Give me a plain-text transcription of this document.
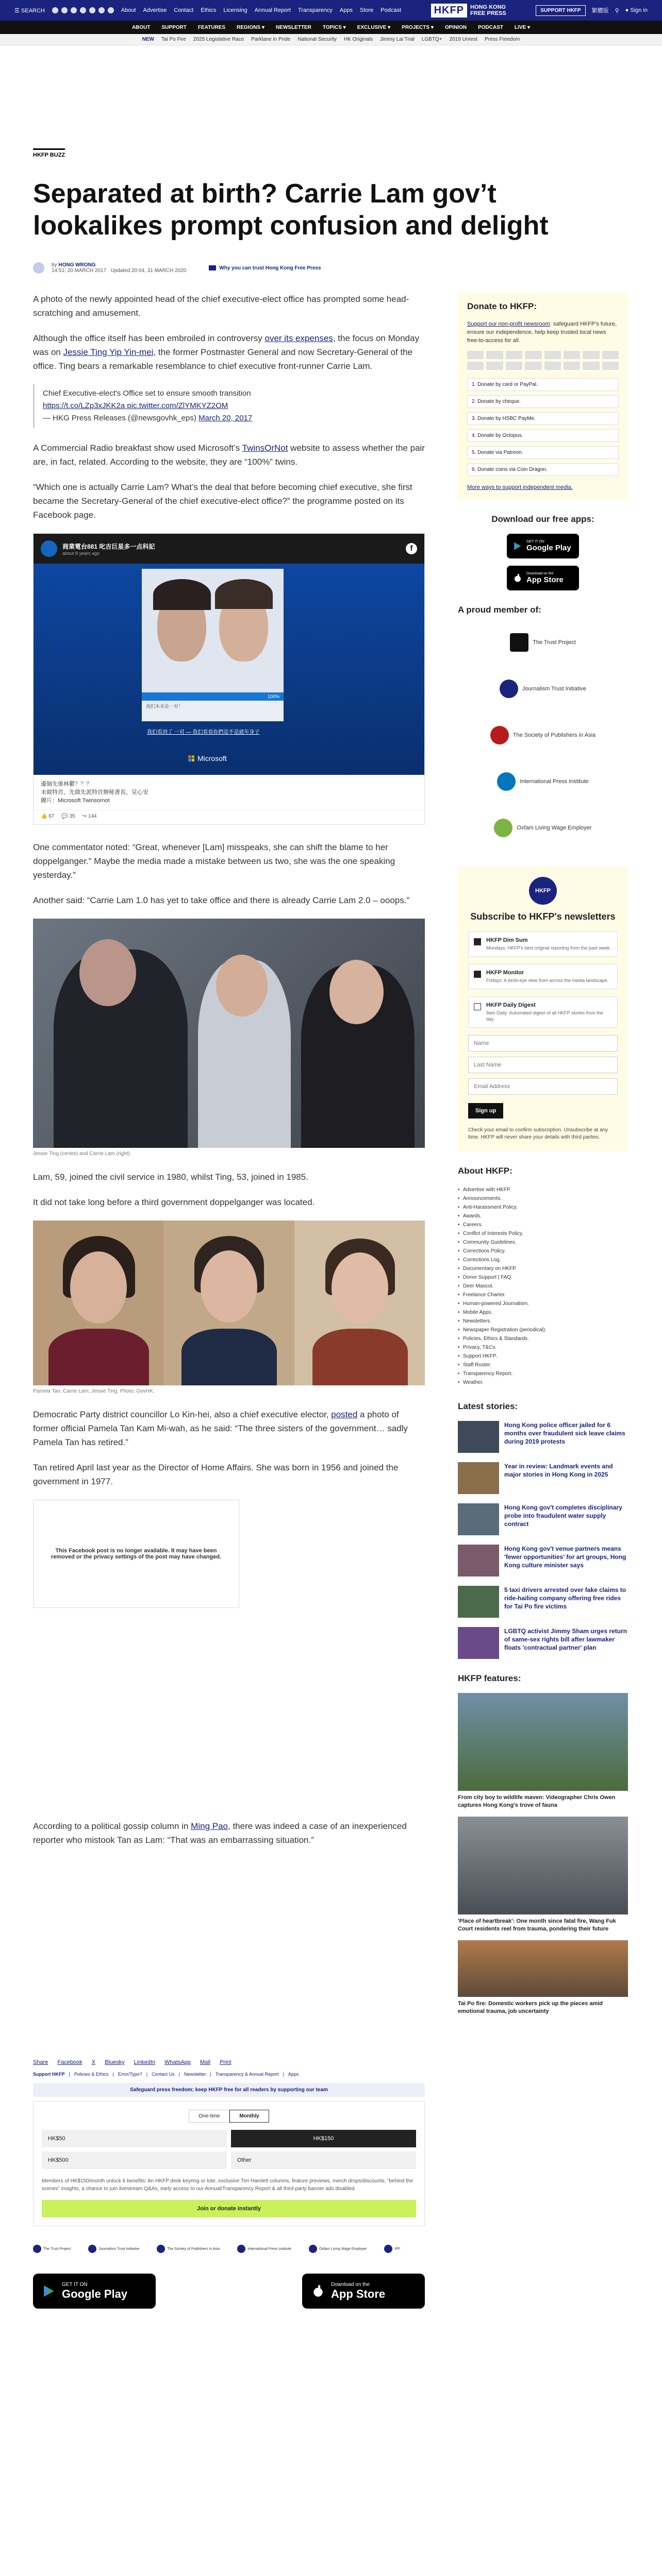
☰ SEARCH	About Advertise Contact Ethics Licensing Annual Report Transparency Apps Store Podcast	HKFP	HONG KONG
FREE PRESS	SUPPORT HKFP	繁體版 ⚲ ● Sign in
ABOUT SUPPORT FEATURES REGIONS ▾ NEWSLETTER TOPICS ▾ EXCLUSIVE ▾ PROJECTS ▾ OPINION PODCAST LIVE ▾
NEW Tai Po Fire 2025 Legislative Race Parklane in Pride National Security HK Originals Jimmy Lai Trial LGBTQ+ 2019 Unrest Press Freedom
HKFP BUZZ
Separated at birth? Carrie Lam gov’t lookalikes prompt confusion and delight
by HONG WRONG
14:51, 20 MARCH 2017 Updated 20:04, 31 MARCH 2020	Why you can trust Hong Kong Free Press

A photo of the newly appointed head of the chief executive-elect office has prompted some head-scratching and amusement.

Although the office itself has been embroiled in controversy over its expenses, the focus on Monday was on Jessie Ting Yip Yin-mei, the former Postmaster General and now Secretary-General of the office. Ting bears a remarkable resemblance to chief executive front-runner Carrie Lam.

Chief Executive-elect's Office set to ensure smooth transition
https://t.co/LZp3xJKK2a pic.twitter.com/ZlYMKYZ2OM
— HKG Press Releases (@newsgovhk_eps) March 20, 2017

A Commercial Radio breakfast show used Microsoft’s TwinsOrNot website to assess whether the pair are, in fact, related. According to the website, they are “100%” twins.

“Which one is actually Carrie Lam? What’s the deal that before becoming chief executive, she first became the Secretary-General of the chief executive-elect office?” the programme posted on its Facebook page.

商業電台881 叱吉巨星多一点科記
about 8 years ago
f
100%
我们本来是一对！
我们看到了 一对 — 我们看看你們是不是就年身子
Microsoft
邊個先係林鬱？？？
未做特首，先做先派特首辦秘書長，見心安
圖片：Microsoft Twinsornot
👍 67 💬 35 ↪ 144

One commentator noted: “Great, whenever [Lam] misspeaks, she can shift the blame to her doppelganger.” Maybe the media made a mistake between us two, she was the one speaking yesterday.”

Another said: “Carrie Lam 1.0 has yet to take office and there is already Carrie Lam 2.0 – ooops.”

Jessie Ting (centre) and Carrie Lam (right).

Lam, 59, joined the civil service in 1980, whilst Ting, 53, joined in 1985.

It did not take long before a third government doppelganger was located.

Pamela Tan, Carrie Lam, Jessie Ting. Photo: GovHK.

Democratic Party district councillor Lo Kin-hei, also a chief executive elector, posted a photo of former official Pamela Tan Kam Mi-wah, as he said: “The three sisters of the government… sadly Pamela Tan has retired.”

Tan retired April last year as the Director of Home Affairs. She was born in 1956 and joined the government in 1977.

This Facebook post is no longer available. It may have been removed or the privacy settings of the post may have changed.

According to a political gossip column in Ming Pao, there was indeed a case of an inexperienced reporter who mistook Tan as Lam: “That was an embarrassing situation.”

Share Facebook X Bluesky LinkedIn WhatsApp Mail Print
Support HKFP | Policies & Ethics | Error/Typo? | Contact Us | Newsletter | Transparency & Annual Report | Apps
Safeguard press freedom; keep HKFP free for all readers by supporting our team
One-time	Monthly
HK$50	HK$150
HK$500	Other
Members of HK$150/month unlock 6 benefits: An HKFP desk keyring or tote, exclusive Tim Hamlett columns, feature previews, merch drops/discounts, “behind the scenes” insights, a chance to join livestream Q&As, early access to our Annual/Transparency Report & all third-party banner ads disabled.
Join or donate instantly
The Trust Project	Journalism Trust Initiative	The Society of Publishers in Asia	International Press Institute	Oxfam Living Wage Employer	IPF
GET IT ON
Google Play
Download on the
App Store
Donate to HKFP:

Support our non-profit newsroom: safeguard HKFP's future, ensure our independence, help keep trusted local news free-to-access for all.

1. Donate by card or PayPal.
2. Donate by cheque.
3. Donate by HSBC PayMe.
4. Donate by Octopus.
5. Donate via Patreon.
6. Donate coins via Coin Dragon.
More ways to support independent media.
Download our free apps:
GET IT ON
Google Play
Download on the
App Store
A proud member of:
The Trust Project
Journalism Trust Initiative
The Society of Publishers in Asia
International Press Institute
Oxfam Living Wage Employer
HKFP
Subscribe to HKFP's newsletters
HKFP Dim Sum
Mondays: HKFP's best original reporting from the past week.
HKFP Monitor
Fridays: A birds-eye view from across the media landscape.
HKFP Daily Digest
9am Daily: Automated digest of all HKFP stories from the day.
Name Last Name Email Address Sign up
Check your email to confirm subscription. Unsubscribe at any time. HKFP will never share your details with third parties.
About HKFP:
• Advertise with HKFP.
• Announcements.
• Anti-Harassment Policy.
• Awards.
• Careers.
• Conflict of Interests Policy.
• Community Guidelines.
• Corrections Policy.
• Corrections Log.
• Documentary on HKFP.
• Donor Support | FAQ.
• Deer Mascot.
• Freelance Charter.
• Human-powered Journalism.
• Mobile Apps.
• Newsletters.
• Newspaper Registration (periodical).
• Policies, Ethics & Standards.
• Privacy, T&Cs.
• Support HKFP.
• Staff Roster.
• Transparency Report.
• Weather.
Latest stories:
Hong Kong police officer jailed for 6 months over fraudulent sick leave claims during 2019 protests
Year in review: Landmark events and major stories in Hong Kong in 2025
Hong Kong gov't completes disciplinary probe into fraudulent water supply contract
Hong Kong gov't venue partners means 'fewer opportunities' for art groups, Hong Kong culture minister says
5 taxi drivers arrested over fake claims to ride-hailing company offering free rides for Tai Po fire victims
LGBTQ activist Jimmy Sham urges return of same-sex rights bill after lawmaker floats 'contractual partner' plan
HKFP features:
From city boy to wildlife maven: Videographer Chris Owen captures Hong Kong's trove of fauna
'Place of heartbreak': One month since fatal fire, Wang Fuk Court residents reel from trauma, pondering their future
Tai Po fire: Domestic workers pick up the pieces amid emotional trauma, job uncertainty
